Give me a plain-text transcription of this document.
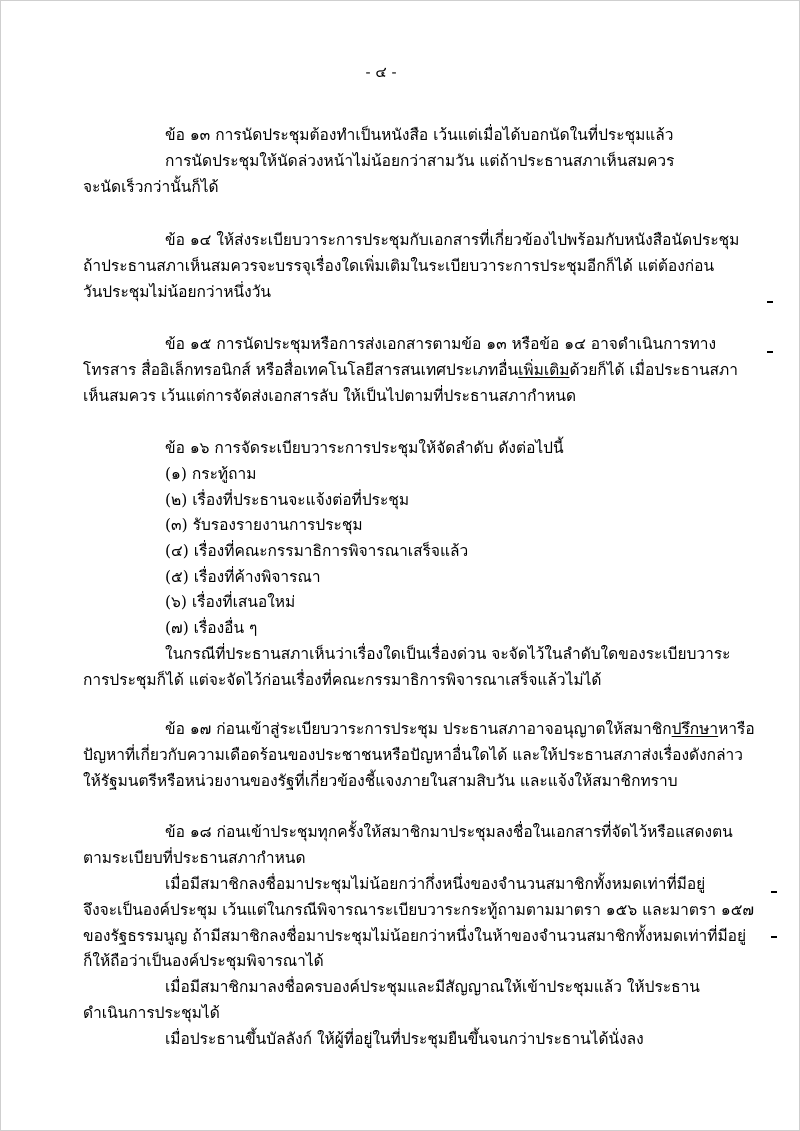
- ๔ -
ข้อ ๑๓ การนัดประชุมต้องทำเป็นหนังสือ เว้นแต่เมื่อได้บอกนัดในที่ประชุมแล้ว
การนัดประชุมให้นัดล่วงหน้าไม่น้อยกว่าสามวัน แต่ถ้าประธานสภาเห็นสมควร
จะนัดเร็วกว่านั้นก็ได้
ข้อ ๑๔ ให้ส่งระเบียบวาระการประชุมกับเอกสารที่เกี่ยวข้องไปพร้อมกับหนังสือนัดประชุม
ถ้าประธานสภาเห็นสมควรจะบรรจุเรื่องใดเพิ่มเติมในระเบียบวาระการประชุมอีกก็ได้ แต่ต้องก่อน
วันประชุมไม่น้อยกว่าหนึ่งวัน
ข้อ ๑๕ การนัดประชุมหรือการส่งเอกสารตามข้อ ๑๓ หรือข้อ ๑๔ อาจดำเนินการทาง
โทรสาร สื่ออิเล็กทรอนิกส์ หรือสื่อเทคโนโลยีสารสนเทศประเภทอื่นเพิ่มเติมด้วยก็ได้ เมื่อประธานสภา
เห็นสมควร เว้นแต่การจัดส่งเอกสารลับ ให้เป็นไปตามที่ประธานสภากำหนด
ข้อ ๑๖ การจัดระเบียบวาระการประชุมให้จัดลำดับ ดังต่อไปนี้
(๑) กระทู้ถาม
(๒) เรื่องที่ประธานจะแจ้งต่อที่ประชุม
(๓) รับรองรายงานการประชุม
(๔) เรื่องที่คณะกรรมาธิการพิจารณาเสร็จแล้ว
(๕) เรื่องที่ค้างพิจารณา
(๖) เรื่องที่เสนอใหม่
(๗) เรื่องอื่น ๆ
ในกรณีที่ประธานสภาเห็นว่าเรื่องใดเป็นเรื่องด่วน จะจัดไว้ในลำดับใดของระเบียบวาระ
การประชุมก็ได้ แต่จะจัดไว้ก่อนเรื่องที่คณะกรรมาธิการพิจารณาเสร็จแล้วไม่ได้
ข้อ ๑๗ ก่อนเข้าสู่ระเบียบวาระการประชุม ประธานสภาอาจอนุญาตให้สมาชิกปรึกษาหารือ
ปัญหาที่เกี่ยวกับความเดือดร้อนของประชาชนหรือปัญหาอื่นใดได้ และให้ประธานสภาส่งเรื่องดังกล่าว
ให้รัฐมนตรีหรือหน่วยงานของรัฐที่เกี่ยวข้องชี้แจงภายในสามสิบวัน และแจ้งให้สมาชิกทราบ
ข้อ ๑๘ ก่อนเข้าประชุมทุกครั้งให้สมาชิกมาประชุมลงชื่อในเอกสารที่จัดไว้หรือแสดงตน
ตามระเบียบที่ประธานสภากำหนด
เมื่อมีสมาชิกลงชื่อมาประชุมไม่น้อยกว่ากึ่งหนึ่งของจำนวนสมาชิกทั้งหมดเท่าที่มีอยู่
จึงจะเป็นองค์ประชุม เว้นแต่ในกรณีพิจารณาระเบียบวาระกระทู้ถามตามมาตรา ๑๕๖ และมาตรา ๑๕๗
ของรัฐธรรมนูญ ถ้ามีสมาชิกลงชื่อมาประชุมไม่น้อยกว่าหนึ่งในห้าของจำนวนสมาชิกทั้งหมดเท่าที่มีอยู่
ก็ให้ถือว่าเป็นองค์ประชุมพิจารณาได้
เมื่อมีสมาชิกมาลงชื่อครบองค์ประชุมและมีสัญญาณให้เข้าประชุมแล้ว ให้ประธาน
ดำเนินการประชุมได้
เมื่อประธานขึ้นบัลลังก์ ให้ผู้ที่อยู่ในที่ประชุมยืนขึ้นจนกว่าประธานได้นั่งลง
